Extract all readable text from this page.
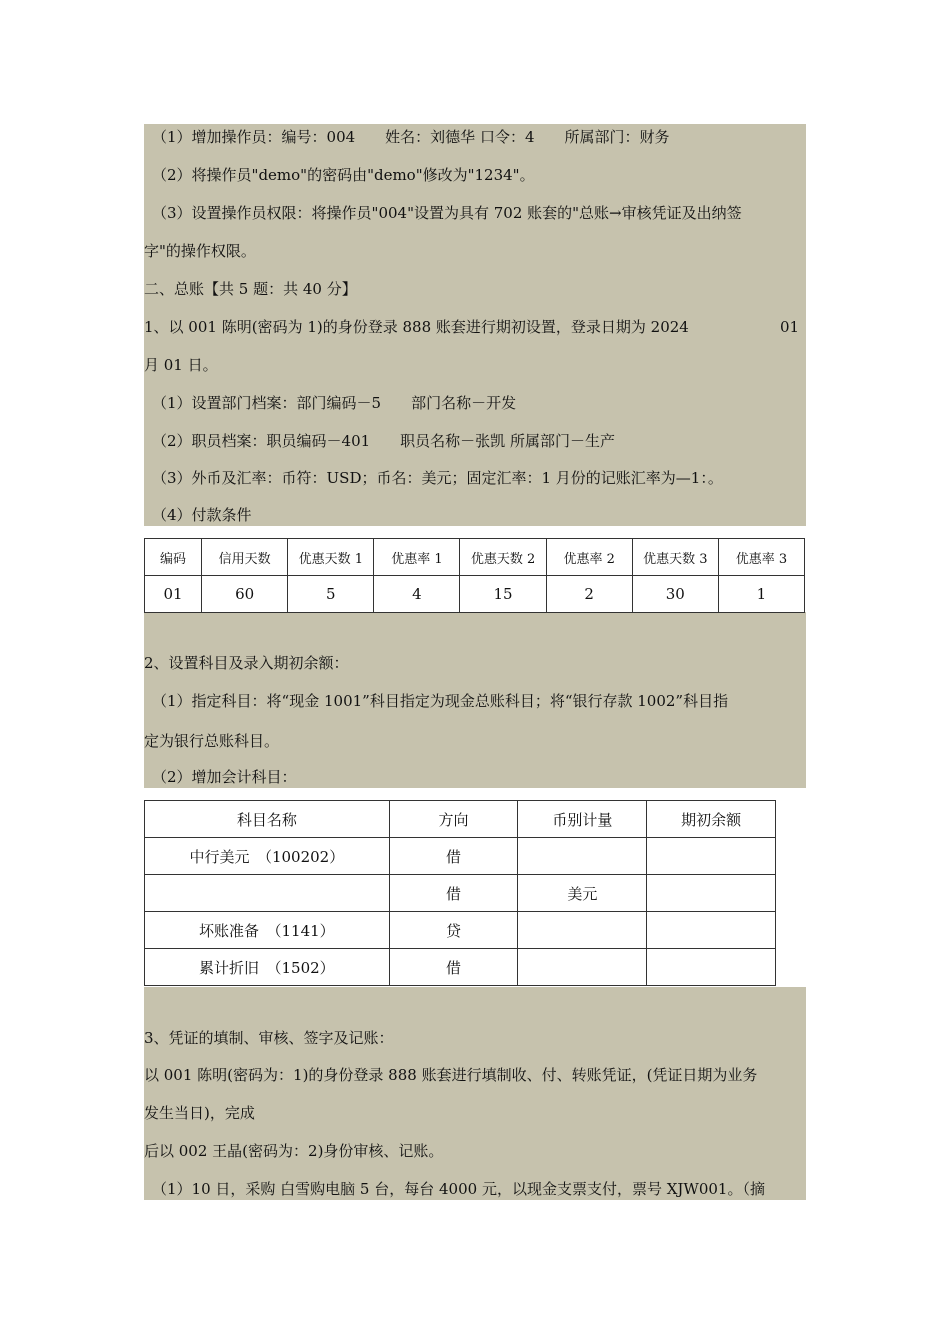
（1）增加操作员：编号：004　　姓名：刘德华 口令：4　　所属部门：财务
（2）将操作员"demo"的密码由"demo"修改为"1234"。
（3）设置操作员权限：将操作员"004"设置为具有 702 账套的"总账→审核凭证及出纳签
字"的操作权限。
二、总账【共 5 题：共 40 分】
1、以 001 陈明(密码为 1)的身份登录 888 账套进行期初设置，登录日期为 2024	01
月 01 日。
（1）设置部门档案：部门编码－5　　部门名称－开发
（2）职员档案：职员编码－401　　职员名称－张凯 所属部门－生产
（3）外币及汇率：币符：USD；币名：美元；固定汇率：1 月份的记账汇率为—1：。
（4）付款条件
编码	信用天数	优惠天数 1	优惠率 1	优惠天数 2	优惠率 2	优惠天数 3	优惠率 3
01	60	5	4	15	2	30	1
2、设置科目及录入期初余额：
（1）指定科目：将“现金 1001”科目指定为现金总账科目；将“银行存款 1002”科目指
定为银行总账科目。
（2）增加会计科目：
科目名称	方向	币别计量	期初余额
中行美元　（100202）	借		
	借	美元	
坏账准备　（1141）	贷		
累计折旧　（1502）	借		
3、凭证的填制、审核、签字及记账：
以 001 陈明(密码为：1)的身份登录 888 账套进行填制收、付、转账凭证，(凭证日期为业务
发生当日)，完成
后以 002 王晶(密码为：2)身份审核、记账。
（1）10 日，采购 白雪购电脑 5 台，每台 4000 元，以现金支票支付，票号 XJW001。（摘
